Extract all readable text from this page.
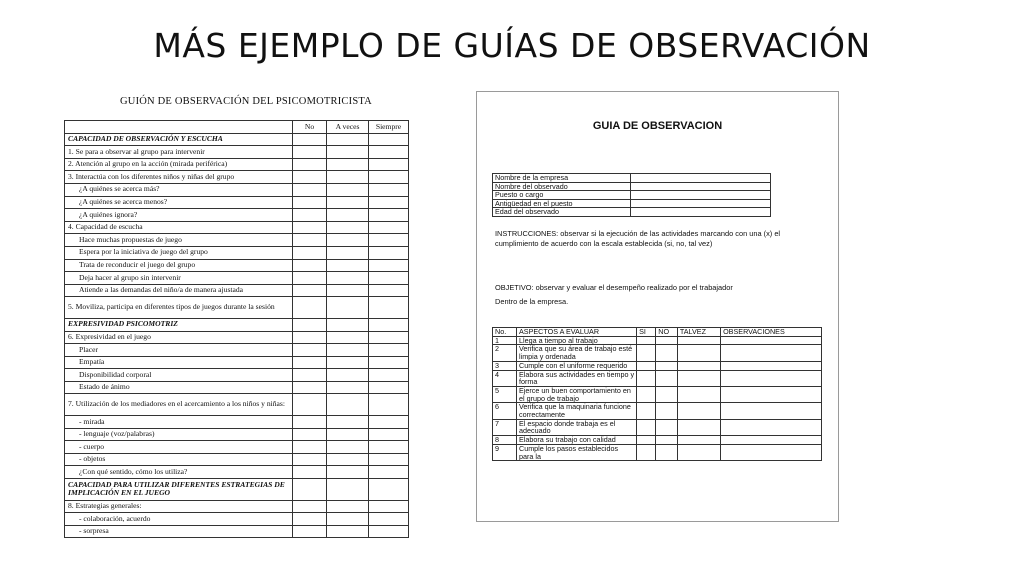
MÁS EJEMPLO DE GUÍAS DE OBSERVACIÓN
GUIÓN DE OBSERVACIÓN DEL PSICOMOTRICISTA
	No	A veces	Siempre
CAPACIDAD DE OBSERVACIÓN Y ESCUCHA			
1. Se para a observar al grupo para intervenir			
2. Atención al grupo en la acción (mirada periférica)			
3. Interactúa con los diferentes niños y niñas del grupo			
¿A quiénes se acerca más?			
¿A quiénes se acerca menos?			
¿A quiénes ignora?			
4. Capacidad de escucha			
Hace muchas propuestas de juego			
Espera por la iniciativa de juego del grupo			
Trata de reconducir el juego del grupo			
Deja hacer al grupo sin intervenir			
Atiende a las demandas del niño/a de manera ajustada			
5. Moviliza, participa en diferentes tipos de juegos durante la sesión			
EXPRESIVIDAD PSICOMOTRIZ			
6. Expresividad en el juego			
Placer			
Empatía			
Disponibilidad corporal			
Estado de ánimo			
7. Utilización de los mediadores en el acercamiento a los niños y niñas:			
- mirada			
- lenguaje (voz/palabras)			
- cuerpo			
- objetos			
¿Con qué sentido, cómo los utiliza?			
CAPACIDAD PARA UTILIZAR DIFERENTES ESTRATEGIAS DE IMPLICACIÓN EN EL JUEGO			
8. Estrategias generales:			
- colaboración, acuerdo			
- sorpresa			
GUIA DE OBSERVACION
Nombre de la empresa	
Nombre del observado	
Puesto o cargo	
Antigüedad en el puesto	
Edad del observado	
INSTRUCCIONES: observar si la ejecución de las actividades marcando con una (x) el cumplimiento de acuerdo con la escala establecida (si, no, tal vez)
OBJETIVO: observar y evaluar el desempeño realizado por el trabajador
Dentro de la empresa.
No.	ASPECTOS A EVALUAR	SI	NO	TALVEZ	OBSERVACIONES
1	Llega a tiempo al trabajo				
2	Verifica que su área de trabajo esté limpia y ordenada				
3	Cumple con el uniforme requerido				
4	Elabora sus actividades en tiempo y forma				
5	Ejerce un buen comportamiento en el grupo de trabajo				
6	Verifica que la maquinaria funcione correctamente				
7	El espacio donde trabaja es el adecuado				
8	Elabora su trabajo con calidad				
9	Cumple los pasos establecidos para la				
